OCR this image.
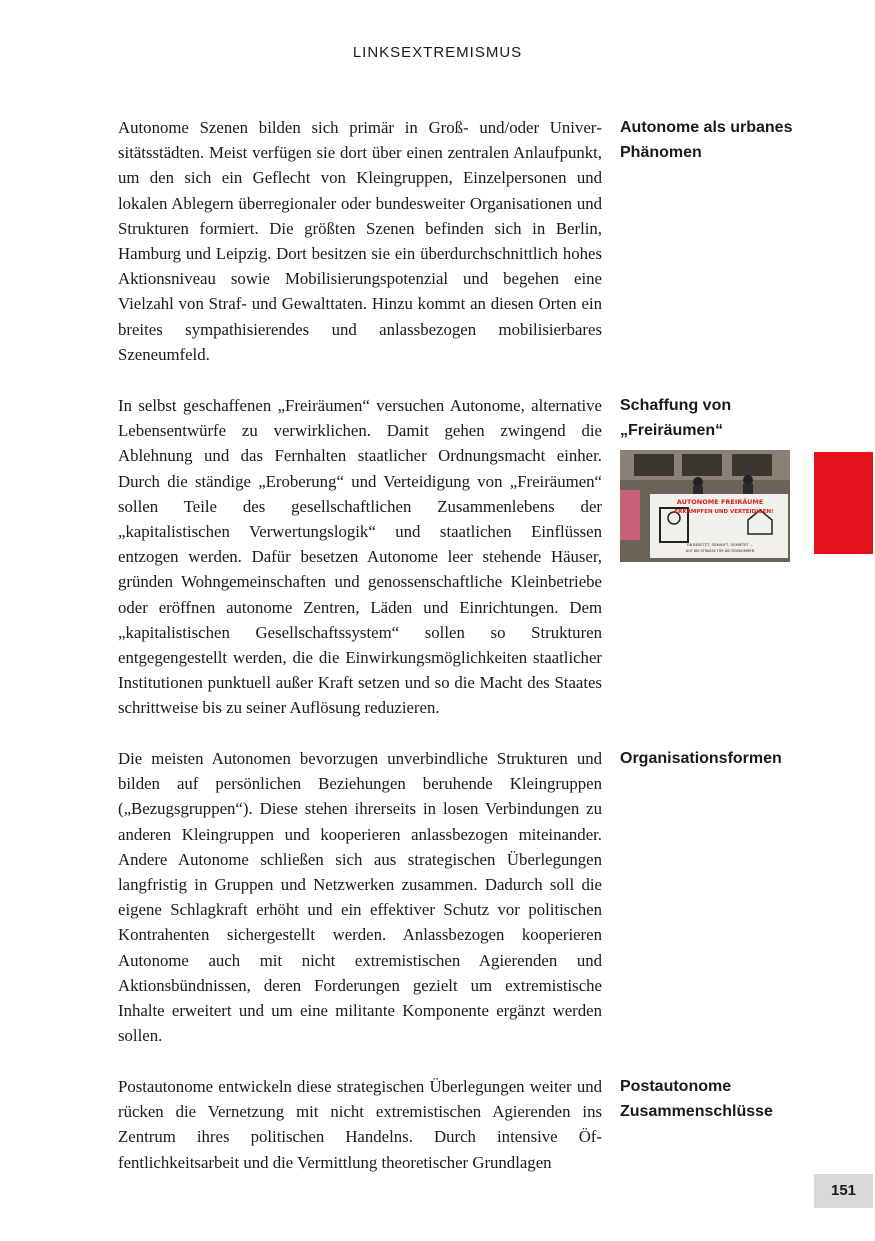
LINKSEXTREMISMUS

Autonome Szenen bilden sich primär in Groß- und/oder Universitätsstädten. Meist verfügen sie dort über einen zentralen Anlaufpunkt, um den sich ein Geflecht von Kleingruppen, Einzelpersonen und lokalen Ablegern überregionaler oder bundesweiter Organisationen und Strukturen formiert. Die größten Szenen befinden sich in Berlin, Hamburg und Leipzig. Dort besitzen sie ein überdurchschnittlich hohes Aktionsniveau sowie Mobilisierungspotenzial und begehen eine Vielzahl von Straf- und Gewalttaten. Hinzu kommt an diesen Orten ein breites sympathisierendes und anlassbezogen mobilisierbares Szeneumfeld.

Autonome als urbanes Phänomen

In selbst geschaffenen „Freiräumen“ versuchen Autonome, alternative Lebensentwürfe zu verwirklichen. Damit gehen zwingend die Ablehnung und das Fernhalten staatlicher Ordnungsmacht einher. Durch die ständige „Eroberung“ und Verteidigung von „Freiräumen“ sollen Teile des gesellschaftlichen Zusammenlebens der „kapitalistischen Verwertungslogik“ und staatlichen Einflüssen entzogen werden. Dafür besetzen Autonome leer stehende Häuser, gründen Wohngemeinschaften und genossenschaftliche Kleinbetriebe oder eröffnen autonome Zentren, Läden und Einrichtungen. Dem „kapitalistischen Gesellschaftssystem“ sollen so Strukturen entgegengestellt werden, die die Einwirkungsmöglichkeiten staatlicher Institutionen punktuell außer Kraft setzen und so die Macht des Staates schrittweise bis zu seiner Auflösung reduzieren.

Schaffung von „Freiräumen“

AUTONOME FREIRÄUME
ERKÄMPFEN UND VERTEIDIGEN!
OB BESETZT, GEKAUFT, GEMIETET ...
AUF DIE STRASSE FÜR DIE ROZKOMMEN

Die meisten Autonomen bevorzugen unverbindliche Strukturen und bilden auf persönlichen Beziehungen beruhende Kleingruppen („Bezugsgruppen“). Diese stehen ihrerseits in losen Verbindungen zu anderen Kleingruppen und kooperieren anlassbezogen miteinander. Andere Autonome schließen sich aus strategischen Überlegungen langfristig in Gruppen und Netzwerken zusammen. Dadurch soll die eigene Schlagkraft erhöht und ein effektiver Schutz vor politischen Kontrahenten sichergestellt werden. Anlassbezogen kooperieren Autonome auch mit nicht extremistischen Agierenden und Aktionsbündnissen, deren Forderungen gezielt um extremistische Inhalte erweitert und um eine militante Komponente ergänzt werden sollen.

Organisationsformen

Postautonome entwickeln diese strategischen Überlegungen weiter und rücken die Vernetzung mit nicht extremistischen Agierenden ins Zentrum ihres politischen Handelns. Durch intensive Öffentlichkeitsarbeit und die Vermittlung theoretischer Grundlagen

Postautonome Zusammenschlüsse

151
